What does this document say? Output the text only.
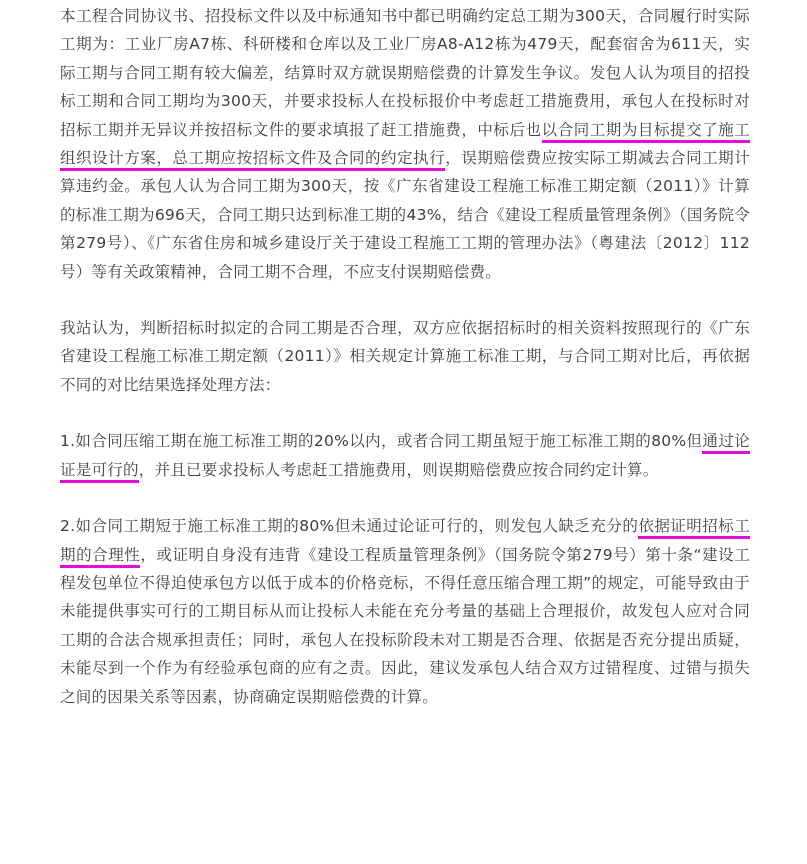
本工程合同协议书、招投标文件以及中标通知书中都已明确约定总工期为300天，合同履行时实际工期为：工业厂房A7栋、科研楼和仓库以及工业厂房A8-A12栋为479天，配套宿舍为611天，实际工期与合同工期有较大偏差，结算时双方就误期赔偿费的计算发生争议。发包人认为项目的招投标工期和合同工期均为300天，并要求投标人在投标报价中考虑赶工措施费用，承包人在投标时对招标工期并无异议并按招标文件的要求填报了赶工措施费，中标后也以合同工期为目标提交了施工组织设计方案，总工期应按招标文件及合同的约定执行，误期赔偿费应按实际工期减去合同工期计算违约金。承包人认为合同工期为300天，按《广东省建设工程施工标准工期定额（2011）》计算的标准工期为696天，合同工期只达到标准工期的43%，结合《建设工程质量管理条例》（国务院令第279号）、《广东省住房和城乡建设厅关于建设工程施工工期的管理办法》（粤建法〔2012〕112号）等有关政策精神，合同工期不合理，不应支付误期赔偿费。

我站认为，判断招标时拟定的合同工期是否合理，双方应依据招标时的相关资料按照现行的《广东省建设工程施工标准工期定额（2011）》相关规定计算施工标准工期，与合同工期对比后，再依据不同的对比结果选择处理方法：

1.如合同压缩工期在施工标准工期的20%以内，或者合同工期虽短于施工标准工期的80%但通过论证是可行的，并且已要求投标人考虑赶工措施费用，则误期赔偿费应按合同约定计算。

2.如合同工期短于施工标准工期的80%但未通过论证可行的，则发包人缺乏充分的依据证明招标工期的合理性，或证明自身没有违背《建设工程质量管理条例》（国务院令第279号）第十条“建设工程发包单位不得迫使承包方以低于成本的价格竞标，不得任意压缩合理工期”的规定，可能导致由于未能提供事实可行的工期目标从而让投标人未能在充分考量的基础上合理报价，故发包人应对合同工期的合法合规承担责任；同时，承包人在投标阶段未对工期是否合理、依据是否充分提出质疑，未能尽到一个作为有经验承包商的应有之责。因此，建议发承包人结合双方过错程度、过错与损失之间的因果关系等因素，协商确定误期赔偿费的计算。
